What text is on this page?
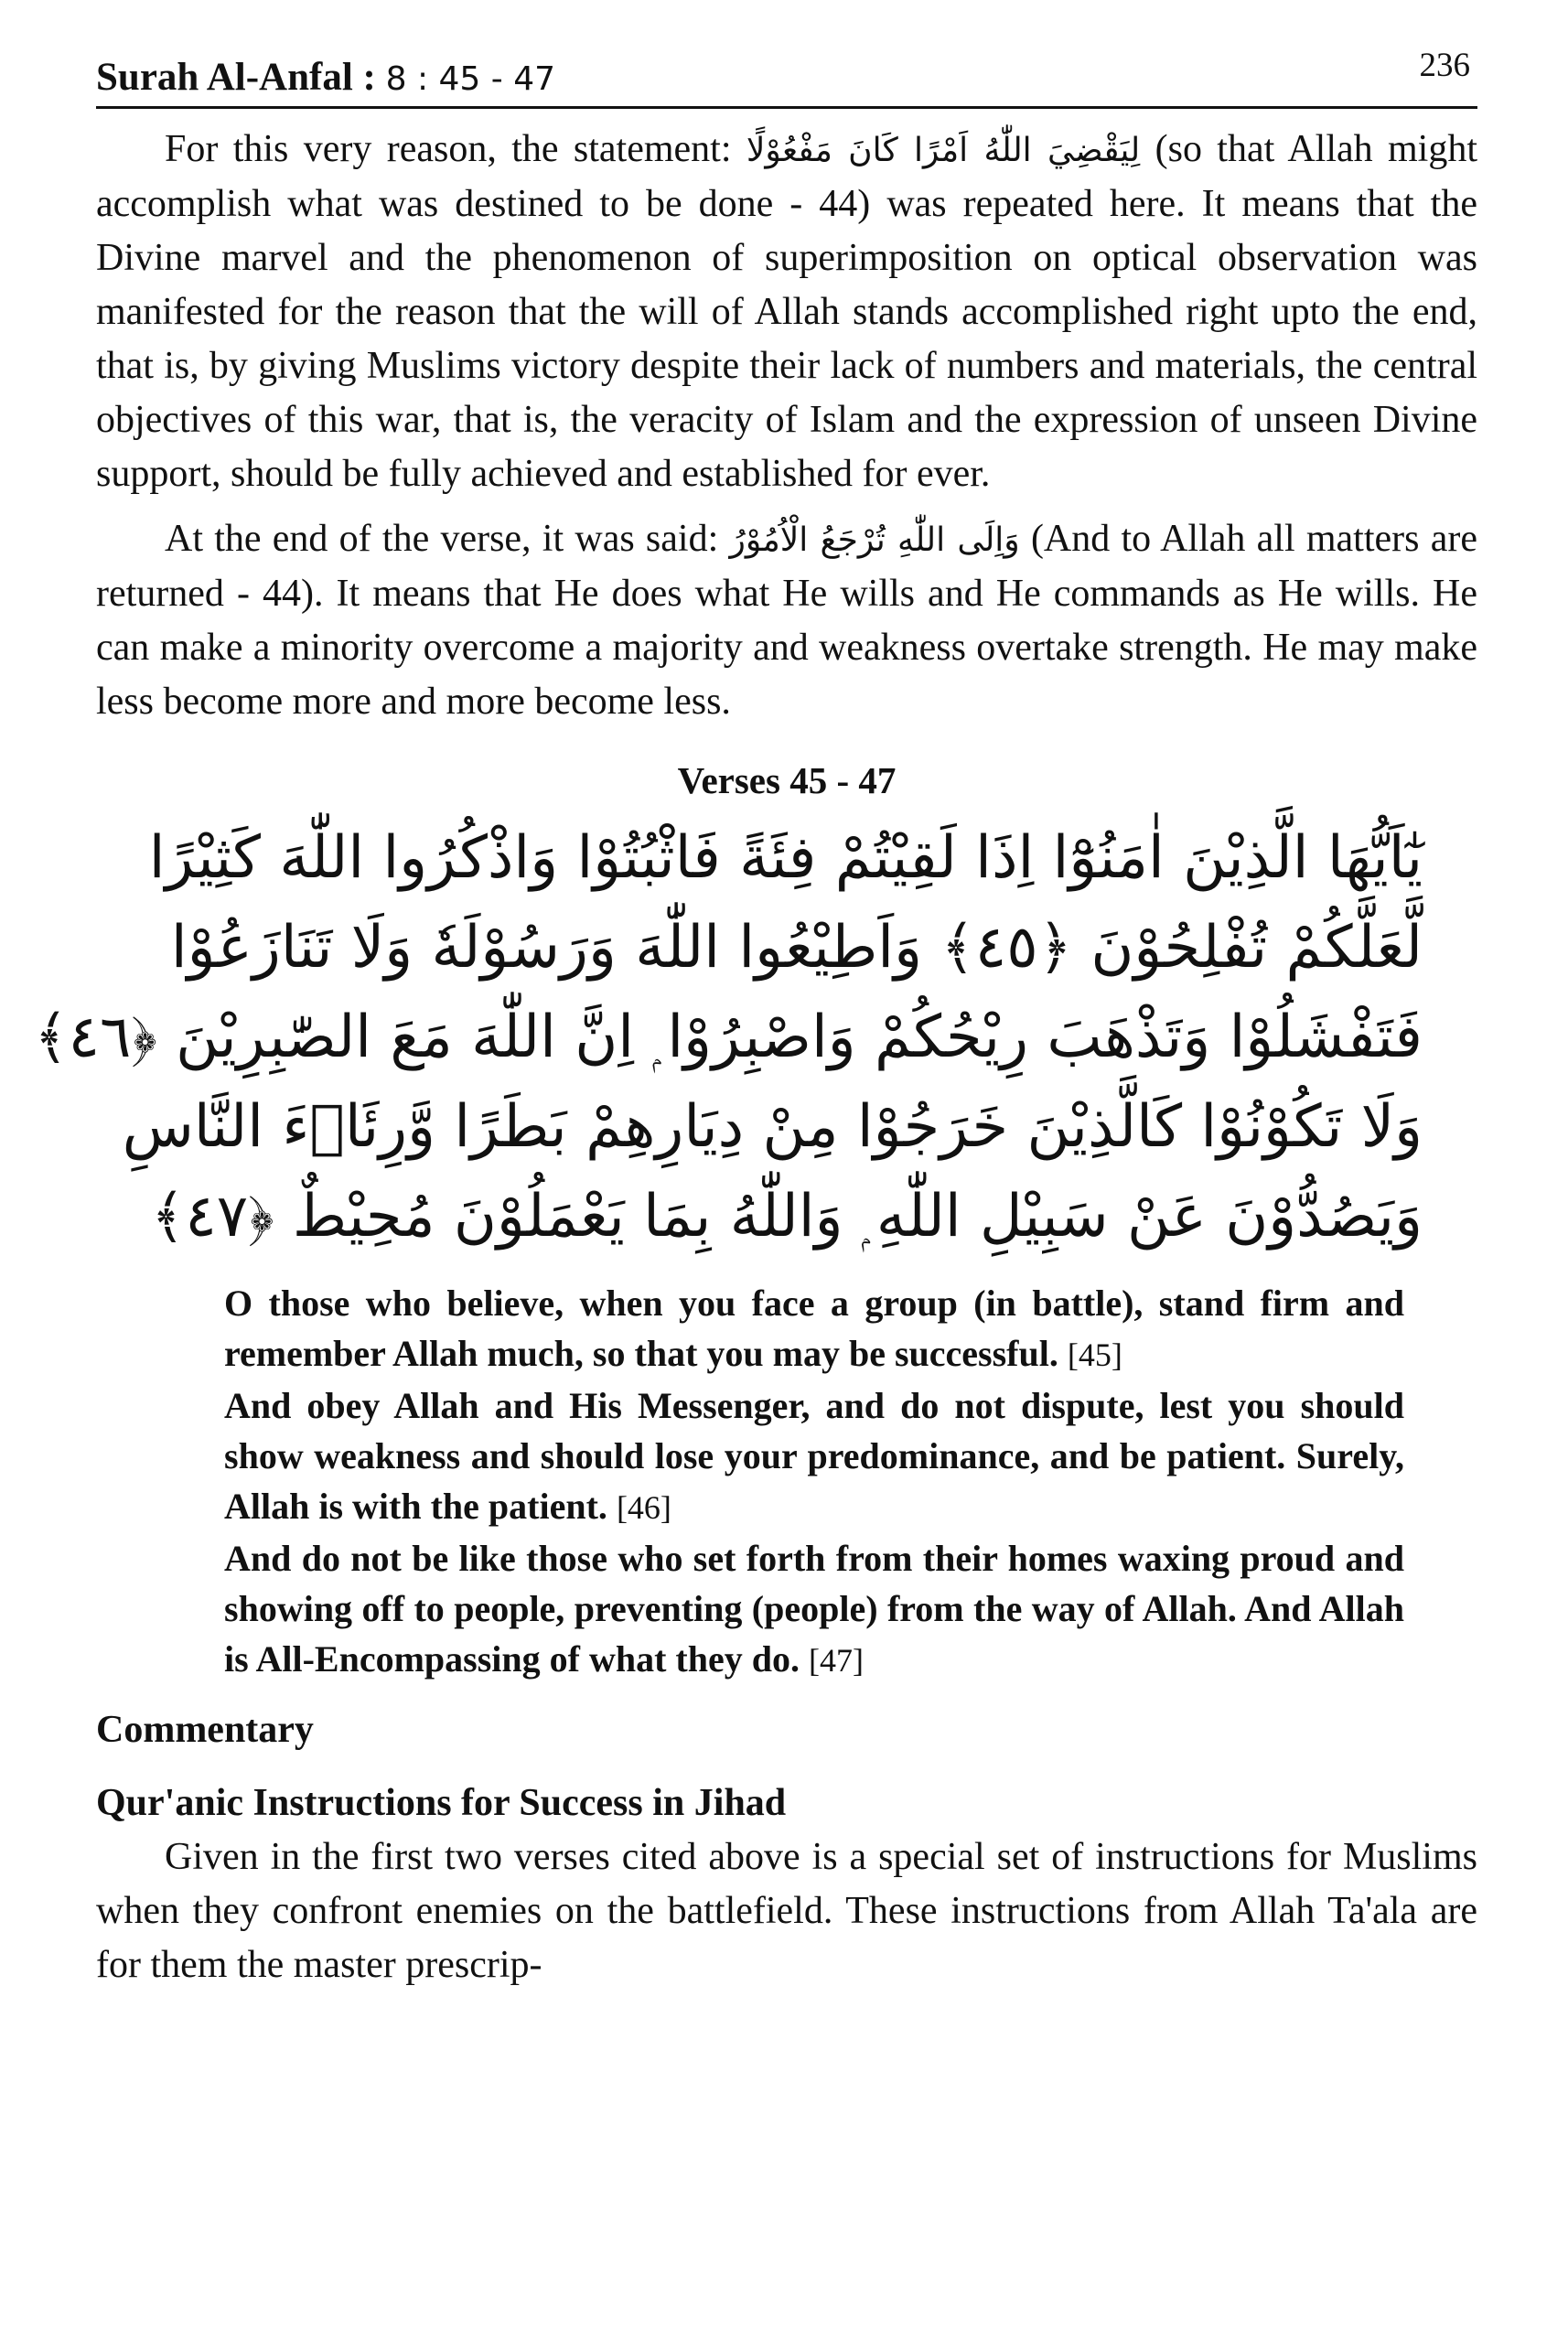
Surah Al-Anfal : 8 : 45 - 47	236

For this very reason, the statement: لِيَقْضِيَ اللّٰهُ اَمْرًا كَانَ مَفْعُوْلًا (so that Allah might accomplish what was destined to be done - 44) was repeated here. It means that the Divine marvel and the phenomenon of superimposition on optical observation was manifested for the reason that the will of Allah stands accomplished right upto the end, that is, by giving Muslims victory despite their lack of numbers and materials, the central objectives of this war, that is, the veracity of Islam and the expression of unseen Divine support, should be fully achieved and established for ever.

At the end of the verse, it was said: وَاِلَى اللّٰهِ تُرْجَعُ الْاُمُوْرُ (And to Allah all matters are returned - 44). It means that He does what He wills and He commands as He wills. He can make a minority overcome a majority and weakness overtake strength. He may make less become more and more become less.

Verses 45 - 47
يٰٓاَيُّهَا الَّذِيْنَ اٰمَنُوْٓا اِذَا لَقِيْتُمْ فِئَةً فَاثْبُتُوْا وَاذْكُرُوا اللّٰهَ كَثِيْرًا
لَّعَلَّكُمْ تُفْلِحُوْنَ ﴿٤٥﴾ وَاَطِيْعُوا اللّٰهَ وَرَسُوْلَهٗ وَلَا تَنَازَعُوْا
فَتَفْشَلُوْا وَتَذْهَبَ رِيْحُكُمْ وَاصْبِرُوْا ۭ اِنَّ اللّٰهَ مَعَ الصّٰبِرِيْنَ ﴿٤٦﴾
وَلَا تَكُوْنُوْا كَالَّذِيْنَ خَرَجُوْا مِنْ دِيَارِهِمْ بَطَرًا وَّرِئَاۗءَ النَّاسِ
وَيَصُدُّوْنَ عَنْ سَبِيْلِ اللّٰهِ ۭ وَاللّٰهُ بِمَا يَعْمَلُوْنَ مُحِيْطٌ ﴿٤٧﴾

O those who believe, when you face a group (in battle), stand firm and remember Allah much, so that you may be successful. [45]

And obey Allah and His Messenger, and do not dispute, lest you should show weakness and should lose your predominance, and be patient. Surely, Allah is with the patient. [46]

And do not be like those who set forth from their homes waxing proud and showing off to people, preventing (people) from the way of Allah. And Allah is All-Encompassing of what they do. [47]

Commentary
Qur'anic Instructions for Success in Jihad

Given in the first two verses cited above is a special set of instructions for Muslims when they confront enemies on the battlefield. These instructions from Allah Ta'ala are for them the master prescrip-
